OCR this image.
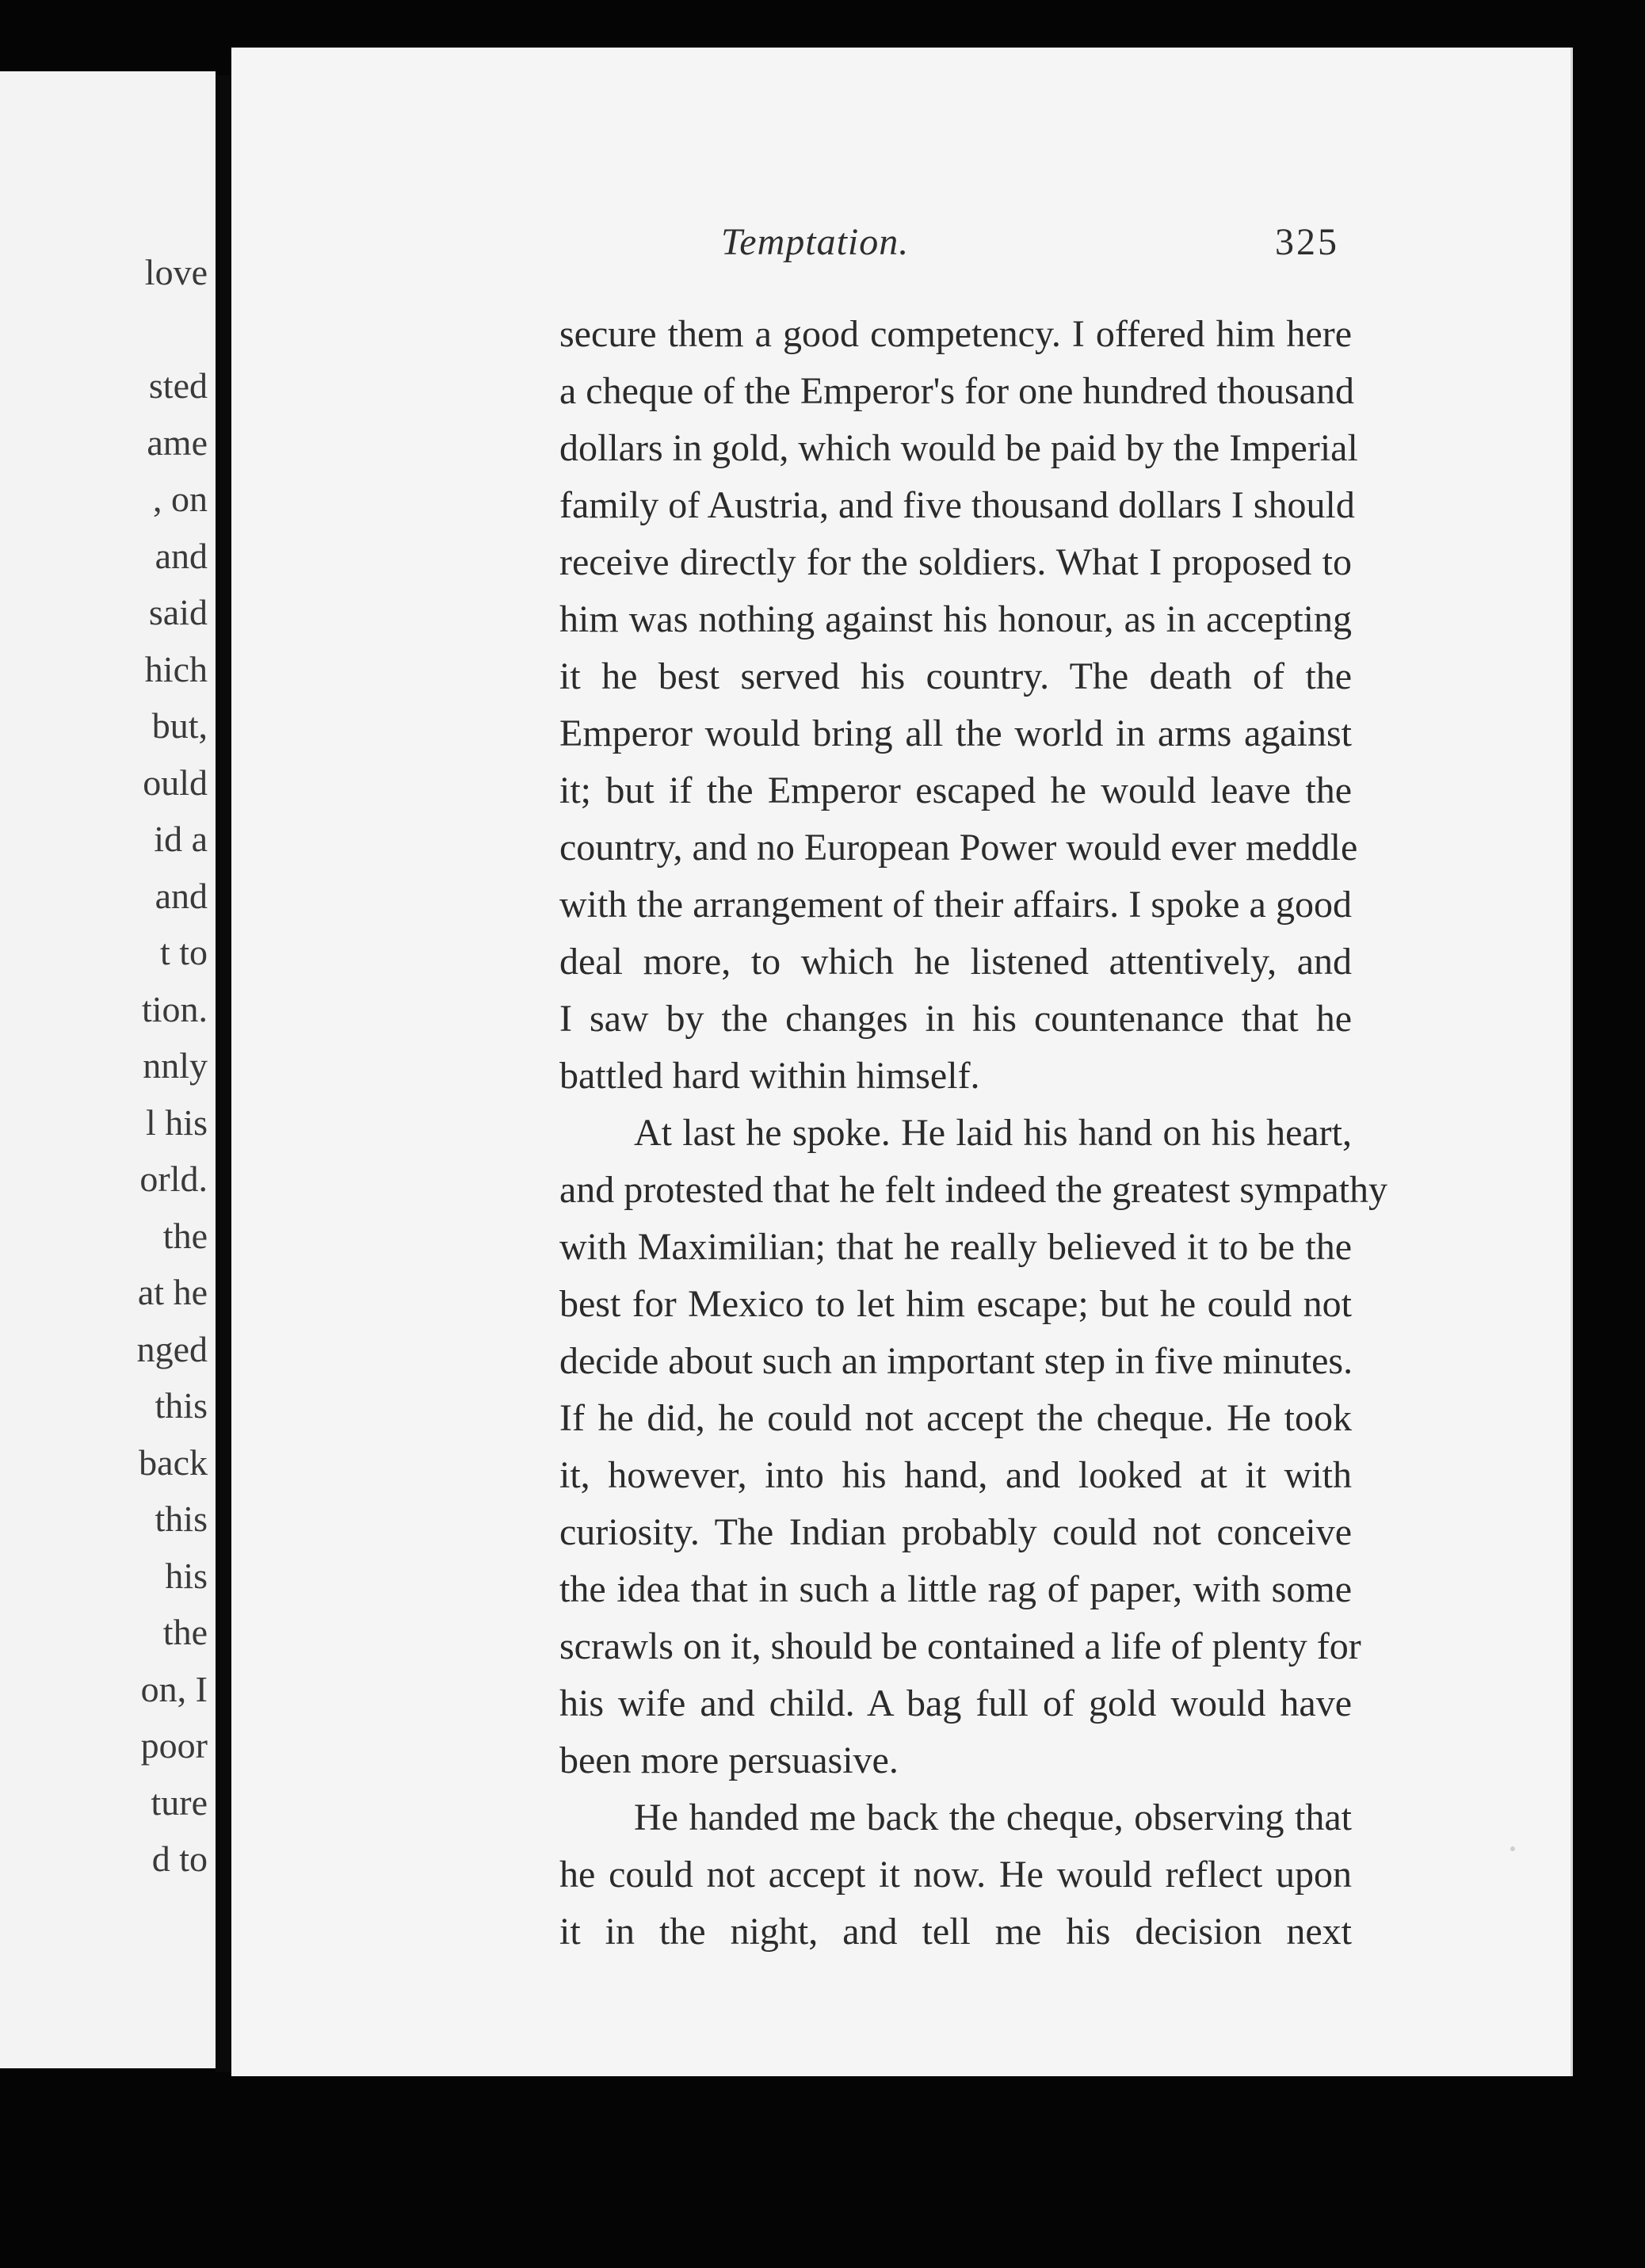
love
sted
ame
, on
and
said
hich
but,
ould
id a
and
t to
tion.
nnly
l his
orld.
the
at he
nged
this
back
this
his
the
on, I
poor
ture
d to
Temptation.	325
secure them a good competency. I offered him here
a cheque of the Emperor's for one hundred thousand
dollars in gold, which would be paid by the Imperial
family of Austria, and five thousand dollars I should
receive directly for the soldiers. What I proposed to
him was nothing against his honour, as in accepting
it he best served his country. The death of the
Emperor would bring all the world in arms against
it; but if the Emperor escaped he would leave the
country, and no European Power would ever meddle
with the arrangement of their affairs. I spoke a good
deal more, to which he listened attentively, and
I saw by the changes in his countenance that he
battled hard within himself.
At last he spoke. He laid his hand on his heart,
and protested that he felt indeed the greatest sympathy
with Maximilian; that he really believed it to be the
best for Mexico to let him escape; but he could not
decide about such an important step in five minutes.
If he did, he could not accept the cheque. He took
it, however, into his hand, and looked at it with
curiosity. The Indian probably could not conceive
the idea that in such a little rag of paper, with some
scrawls on it, should be contained a life of plenty for
his wife and child. A bag full of gold would have
been more persuasive.
He handed me back the cheque, observing that
he could not accept it now. He would reflect upon
it in the night, and tell me his decision next
